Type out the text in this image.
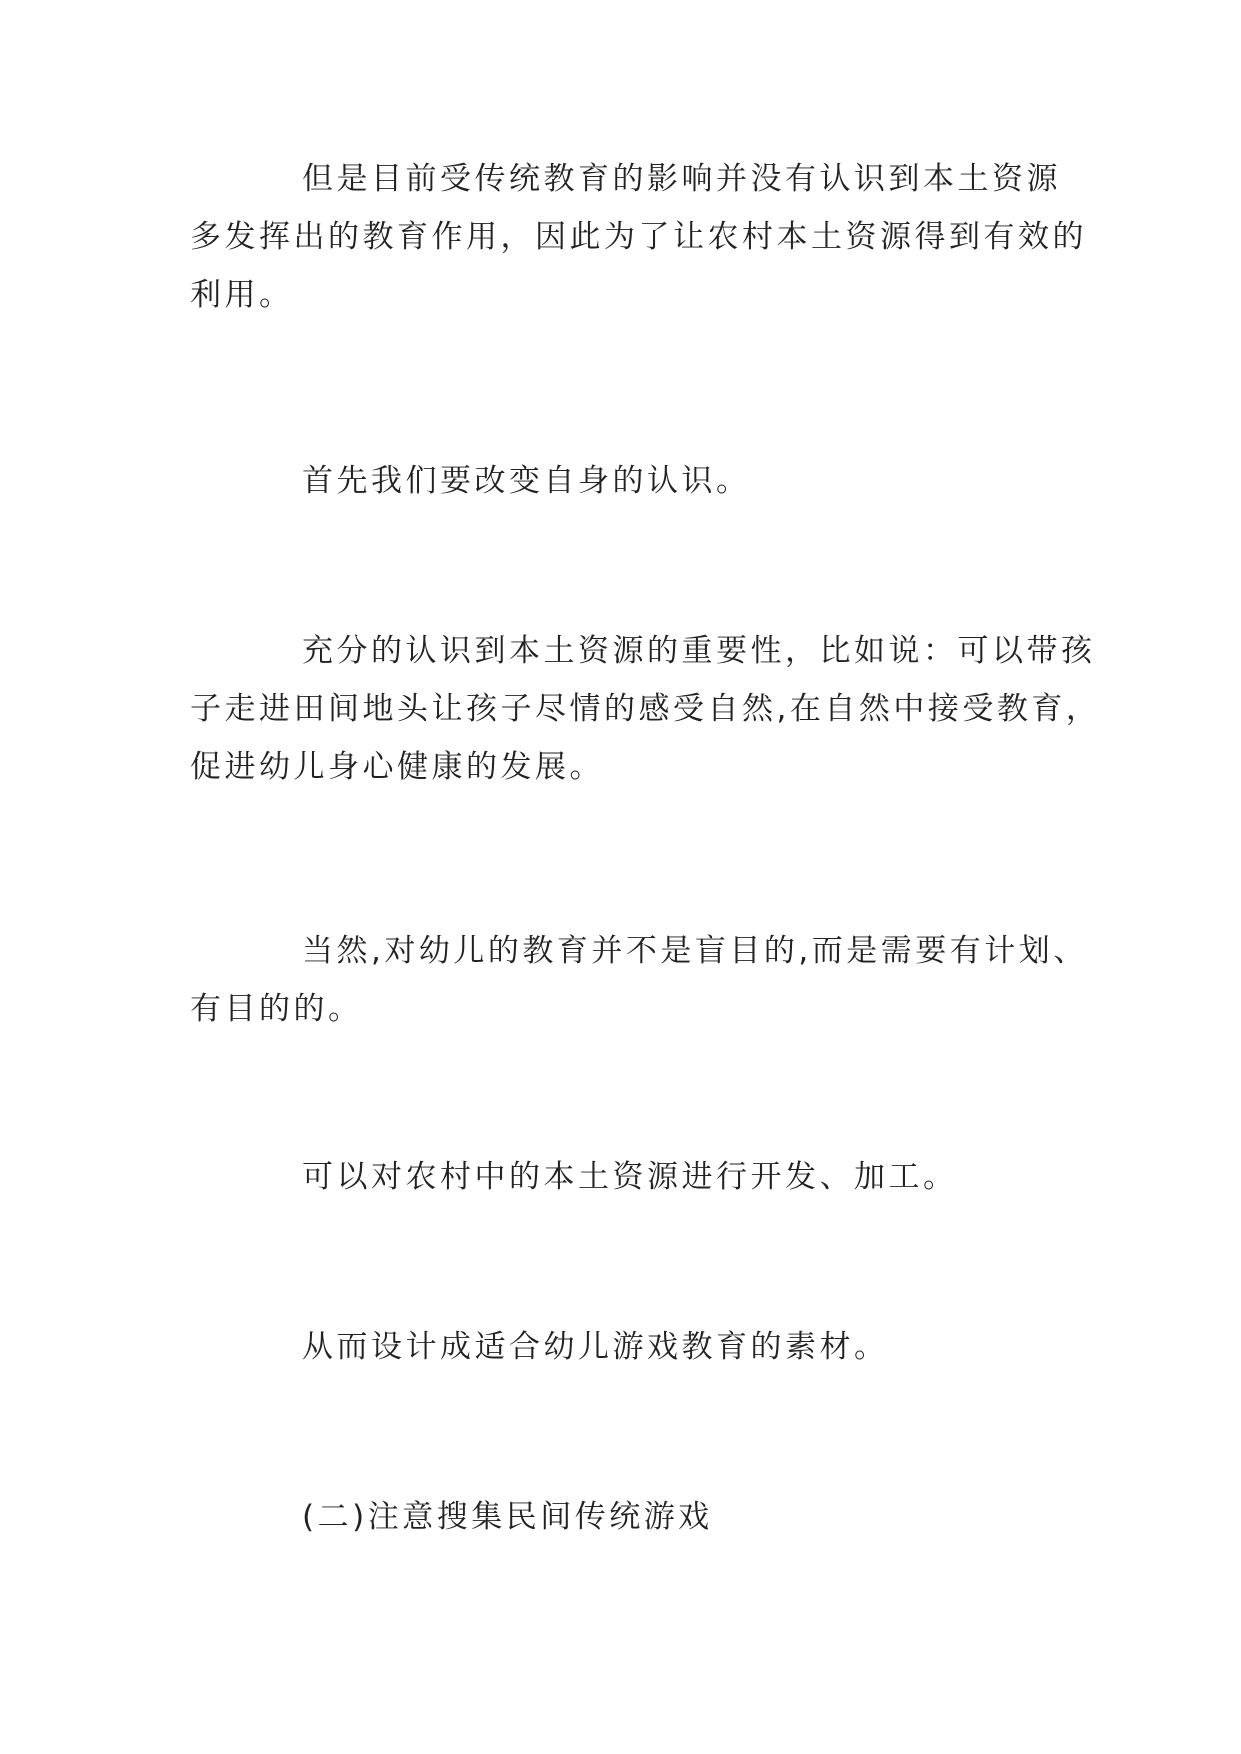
但是目前受传统教育的影响并没有认识到本土资源
多发挥出的教育作用，因此为了让农村本土资源得到有效的
利用。

首先我们要改变自身的认识。

充分的认识到本土资源的重要性，比如说：可以带孩
子走进田间地头让孩子尽情的感受自然,在自然中接受教育，
促进幼儿身心健康的发展。

当然,对幼儿的教育并不是盲目的,而是需要有计划、
有目的的。

可以对农村中的本土资源进行开发、加工。

从而设计成适合幼儿游戏教育的素材。

(二)注意搜集民间传统游戏
